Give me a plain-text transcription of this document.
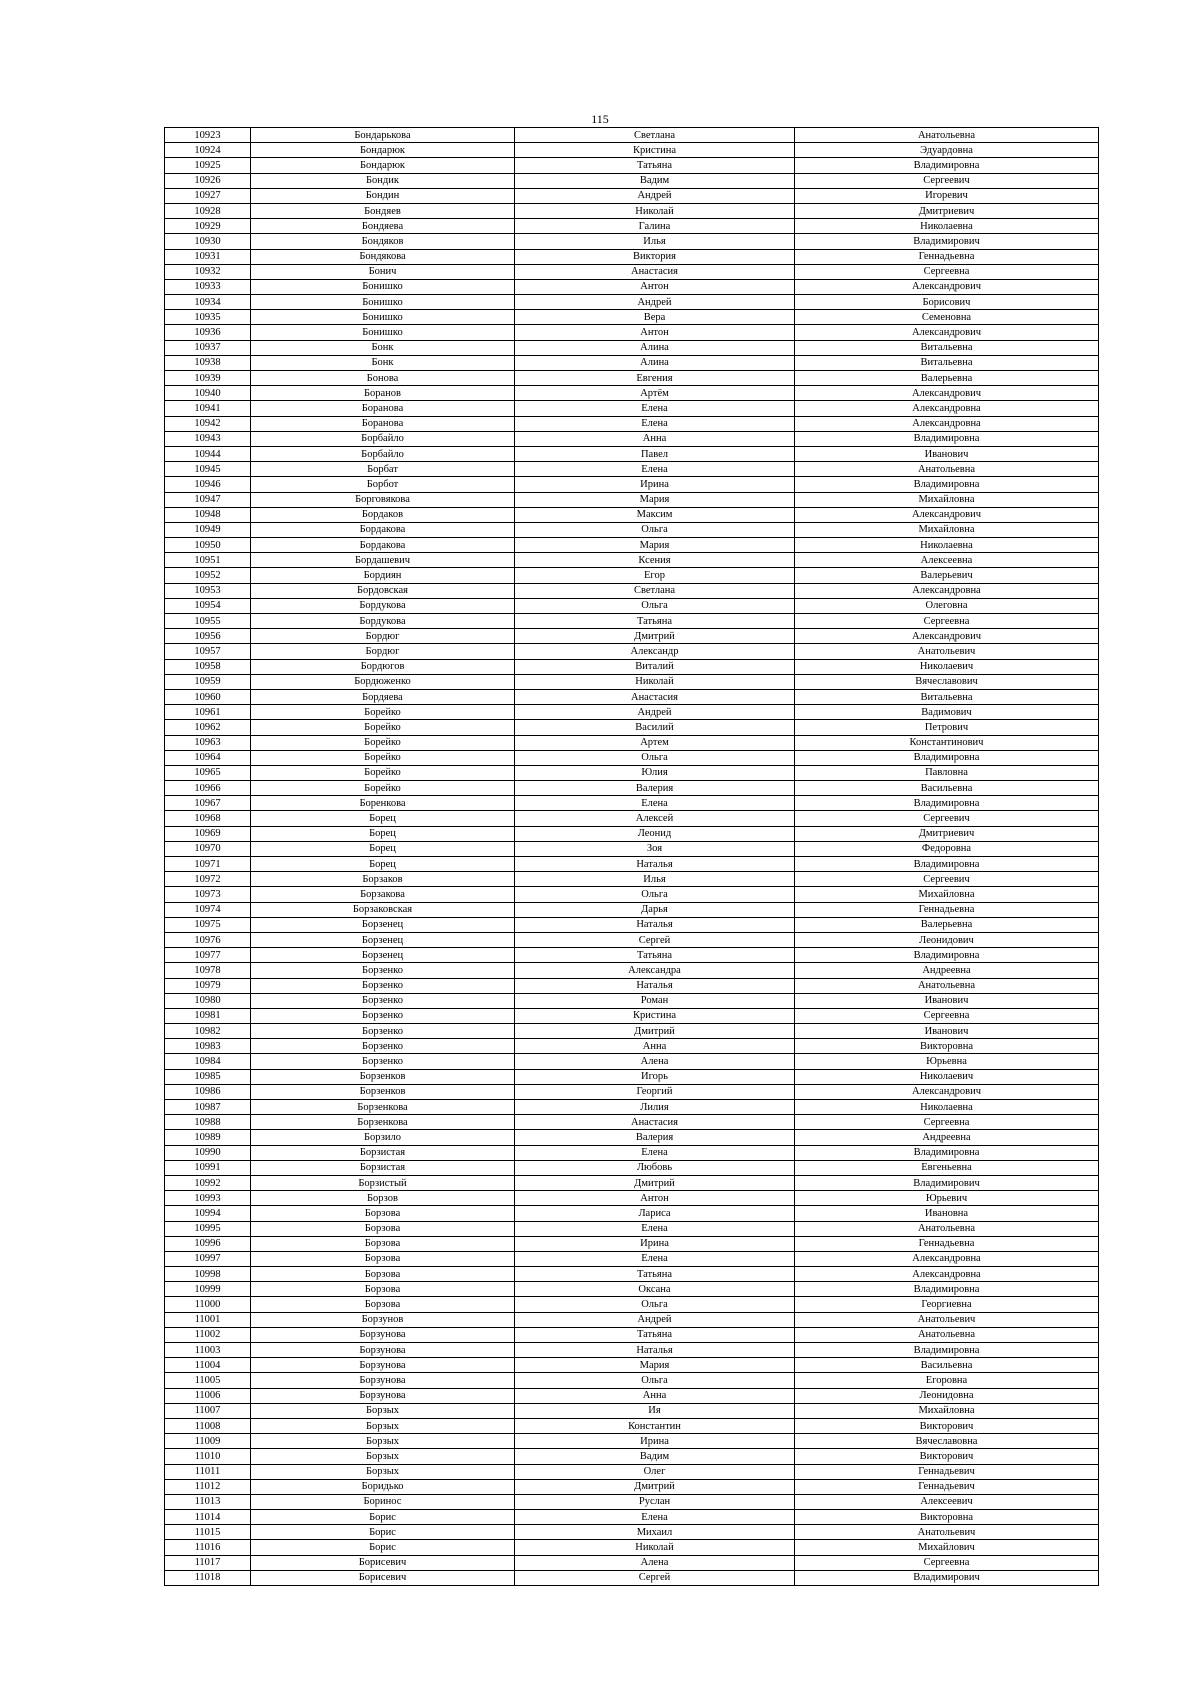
115
10923	Бондарькова	Светлана	Анатольевна
10924	Бондарюк	Кристина	Эдуардовна
10925	Бондарюк	Татьяна	Владимировна
10926	Бондик	Вадим	Сергеевич
10927	Бондин	Андрей	Игоревич
10928	Бондяев	Николай	Дмитриевич
10929	Бондяева	Галина	Николаевна
10930	Бондяков	Илья	Владимирович
10931	Бондякова	Виктория	Геннадьевна
10932	Бонич	Анастасия	Сергеевна
10933	Бонишко	Антон	Александрович
10934	Бонишко	Андрей	Борисович
10935	Бонишко	Вера	Семеновна
10936	Бонишко	Антон	Александрович
10937	Бонк	Алина	Витальевна
10938	Бонк	Алина	Витальевна
10939	Бонова	Евгения	Валерьевна
10940	Боранов	Артём	Александрович
10941	Боранова	Елена	Александровна
10942	Боранова	Елена	Александровна
10943	Борбайло	Анна	Владимировна
10944	Борбайло	Павел	Иванович
10945	Борбат	Елена	Анатольевна
10946	Борбот	Ирина	Владимировна
10947	Борговякова	Мария	Михайловна
10948	Бордаков	Максим	Александрович
10949	Бордакова	Ольга	Михайловна
10950	Бордакова	Мария	Николаевна
10951	Бордашевич	Ксения	Алексеевна
10952	Бордиян	Егор	Валерьевич
10953	Бордовская	Светлана	Александровна
10954	Бордукова	Ольга	Олеговна
10955	Бордукова	Татьяна	Сергеевна
10956	Бордюг	Дмитрий	Александрович
10957	Бордюг	Александр	Анатольевич
10958	Бордюгов	Виталий	Николаевич
10959	Бордюженко	Николай	Вячеславович
10960	Бордяева	Анастасия	Витальевна
10961	Борейко	Андрей	Вадимович
10962	Борейко	Василий	Петрович
10963	Борейко	Артем	Константинович
10964	Борейко	Ольга	Владимировна
10965	Борейко	Юлия	Павловна
10966	Борейко	Валерия	Васильевна
10967	Боренкова	Елена	Владимировна
10968	Борец	Алексей	Сергеевич
10969	Борец	Леонид	Дмитриевич
10970	Борец	Зоя	Федоровна
10971	Борец	Наталья	Владимировна
10972	Борзаков	Илья	Сергеевич
10973	Борзакова	Ольга	Михайловна
10974	Борзаковская	Дарья	Геннадьевна
10975	Борзенец	Наталья	Валерьевна
10976	Борзенец	Сергей	Леонидович
10977	Борзенец	Татьяна	Владимировна
10978	Борзенко	Александра	Андреевна
10979	Борзенко	Наталья	Анатольевна
10980	Борзенко	Роман	Иванович
10981	Борзенко	Кристина	Сергеевна
10982	Борзенко	Дмитрий	Иванович
10983	Борзенко	Анна	Викторовна
10984	Борзенко	Алена	Юрьевна
10985	Борзенков	Игорь	Николаевич
10986	Борзенков	Георгий	Александрович
10987	Борзенкова	Лилия	Николаевна
10988	Борзенкова	Анастасия	Сергеевна
10989	Борзило	Валерия	Андреевна
10990	Борзистая	Елена	Владимировна
10991	Борзистая	Любовь	Евгеньевна
10992	Борзистый	Дмитрий	Владимирович
10993	Борзов	Антон	Юрьевич
10994	Борзова	Лариса	Ивановна
10995	Борзова	Елена	Анатольевна
10996	Борзова	Ирина	Геннадьевна
10997	Борзова	Елена	Александровна
10998	Борзова	Татьяна	Александровна
10999	Борзова	Оксана	Владимировна
11000	Борзова	Ольга	Георгиевна
11001	Борзунов	Андрей	Анатольевич
11002	Борзунова	Татьяна	Анатольевна
11003	Борзунова	Наталья	Владимировна
11004	Борзунова	Мария	Васильевна
11005	Борзунова	Ольга	Егоровна
11006	Борзунова	Анна	Леонидовна
11007	Борзых	Ия	Михайловна
11008	Борзых	Константин	Викторович
11009	Борзых	Ирина	Вячеславовна
11010	Борзых	Вадим	Викторович
11011	Борзых	Олег	Геннадьевич
11012	Боридько	Дмитрий	Геннадьевич
11013	Боринос	Руслан	Алексеевич
11014	Борис	Елена	Викторовна
11015	Борис	Михаил	Анатольевич
11016	Борис	Николай	Михайлович
11017	Борисевич	Алена	Сергеевна
11018	Борисевич	Сергей	Владимирович
